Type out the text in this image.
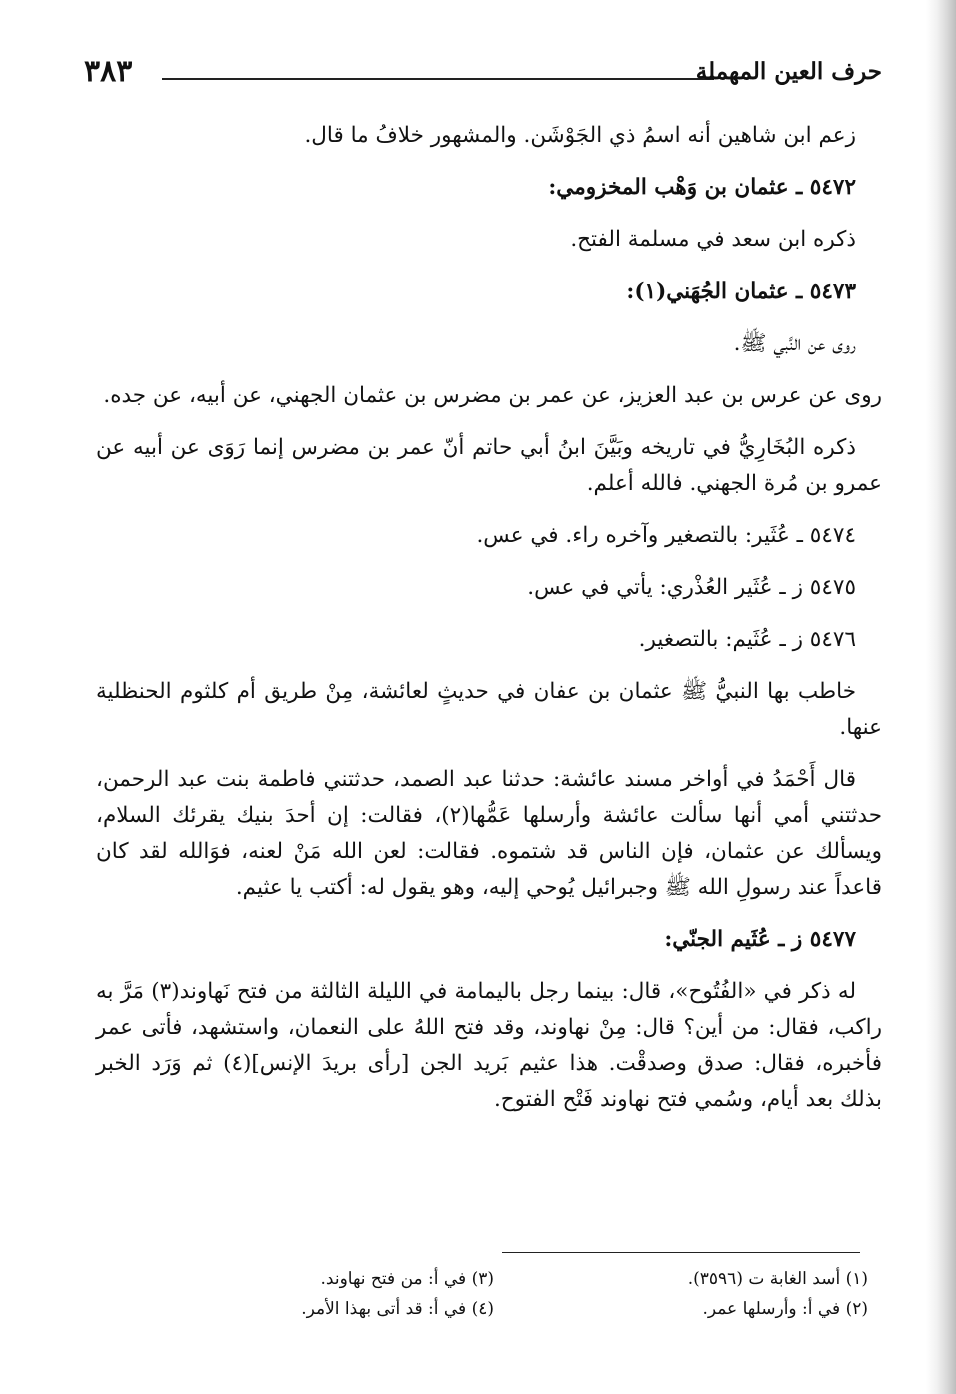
٣٨٣	حرف العين المهملة

زعم ابن شاهين أنه اسمُ ذي الجَوْشَن. والمشهور خلافُ ما قال.

٥٤٧٢ ـ عثمان بن وَهْب المخزومي:

ذكره ابن سعد في مسلمة الفتح.

٥٤٧٣ ـ عثمان الجُهَني(١):

روى عن النَّبي ﷺ.

روى عن عرس بن عبد العزيز، عن عمر بن مضرس بن عثمان الجهني، عن أبيه، عن جده.

ذكره البُخَارِيُّ في تاريخه وبَيَّنَ ابنُ أبي حاتم أنّ عمر بن مضرس إنما رَوَى عن أبيه عن عمرو بن مُرة الجهني. فالله أعلم.

٥٤٧٤ ـ عُثَير: بالتصغير وآخره راء. في عس.

٥٤٧٥ ز ـ عُثَير العُذْري: يأتي في عس.

٥٤٧٦ ز ـ عُثَيم: بالتصغير.

خاطب بها النبيُّ ﷺ عثمان بن عفان في حديثٍ لعائشة، مِنْ طريق أم كلثوم الحنظلية عنها.

قال أَحْمَدُ في أواخر مسند عائشة: حدثنا عبد الصمد، حدثتني فاطمة بنت عبد الرحمن، حدثتني أمي أنها سألت عائشة وأرسلها عَمُّها(٢)، فقالت: إن أحدَ بنيك يقرئك السلام، ويسألك عن عثمان، فإن الناس قد شتموه. فقالت: لعن الله مَنْ لعنه، فوَالله لقد كان قاعداً عند رسولِ الله ﷺ وجبرائيل يُوحي إليه، وهو يقول له: أكتب يا عثيم.

٥٤٧٧ ز ـ عُثَيم الجنّي:

له ذكر في «الفُتُوح»، قال: بينما رجل باليمامة في الليلة الثالثة من فتح نَهاوند(٣) مَرَّ به راكب، فقال: من أين؟ قال: مِنْ نهاوند، وقد فتح اللهُ على النعمان، واستشهد، فأتى عمر فأخبره، فقال: صدق وصدقْت. هذا عثيم بَريد الجن [رأى بريدَ الإنس](٤) ثم وَرَد الخبر بذلك بعد أيام، وسُمي فتح نهاوند فَتْح الفتوح.

(١) أسد الغابة ت (٣٥٩٦).
(٣) في أ: من فتح نهاوند.
(٢) في أ: وأرسلها عمر.
(٤) في أ: قد أتى بهذا الأمر.
